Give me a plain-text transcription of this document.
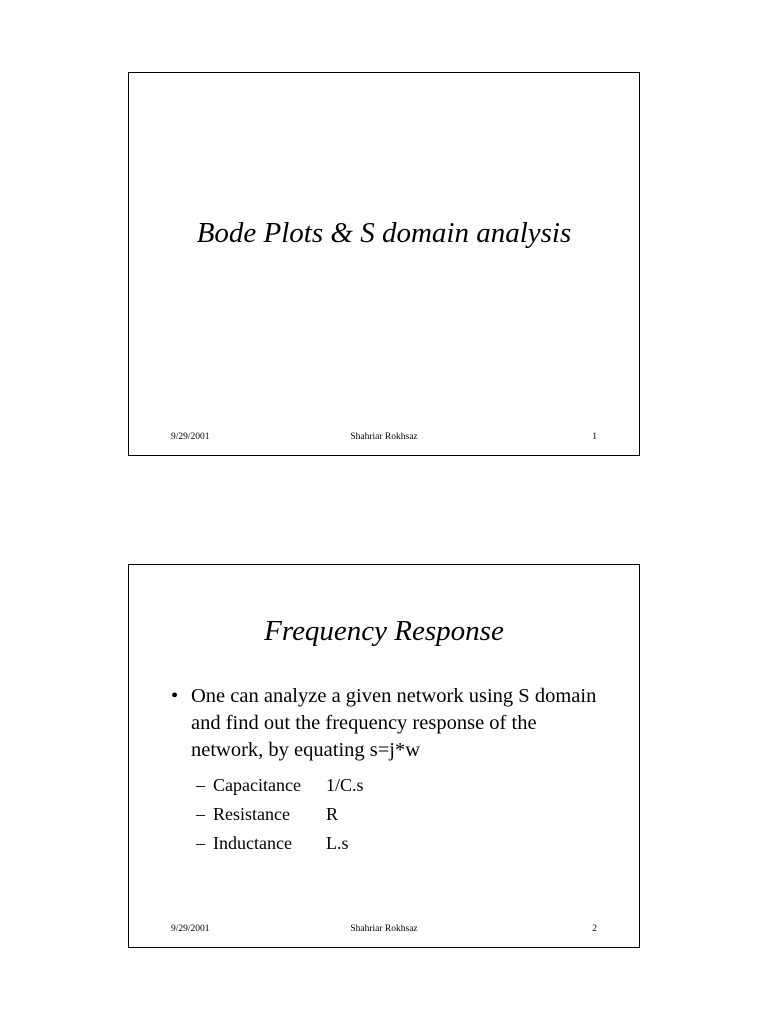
Bode Plots & S domain analysis
9/29/2001	Shahriar Rokhsaz	1
Frequency Response
• One can analyze a given network using S domain and find out the frequency response of the network, by equating s=j*w
– Capacitance 1/C.s
– Resistance R
– Inductance L.s
9/29/2001	Shahriar Rokhsaz	2
